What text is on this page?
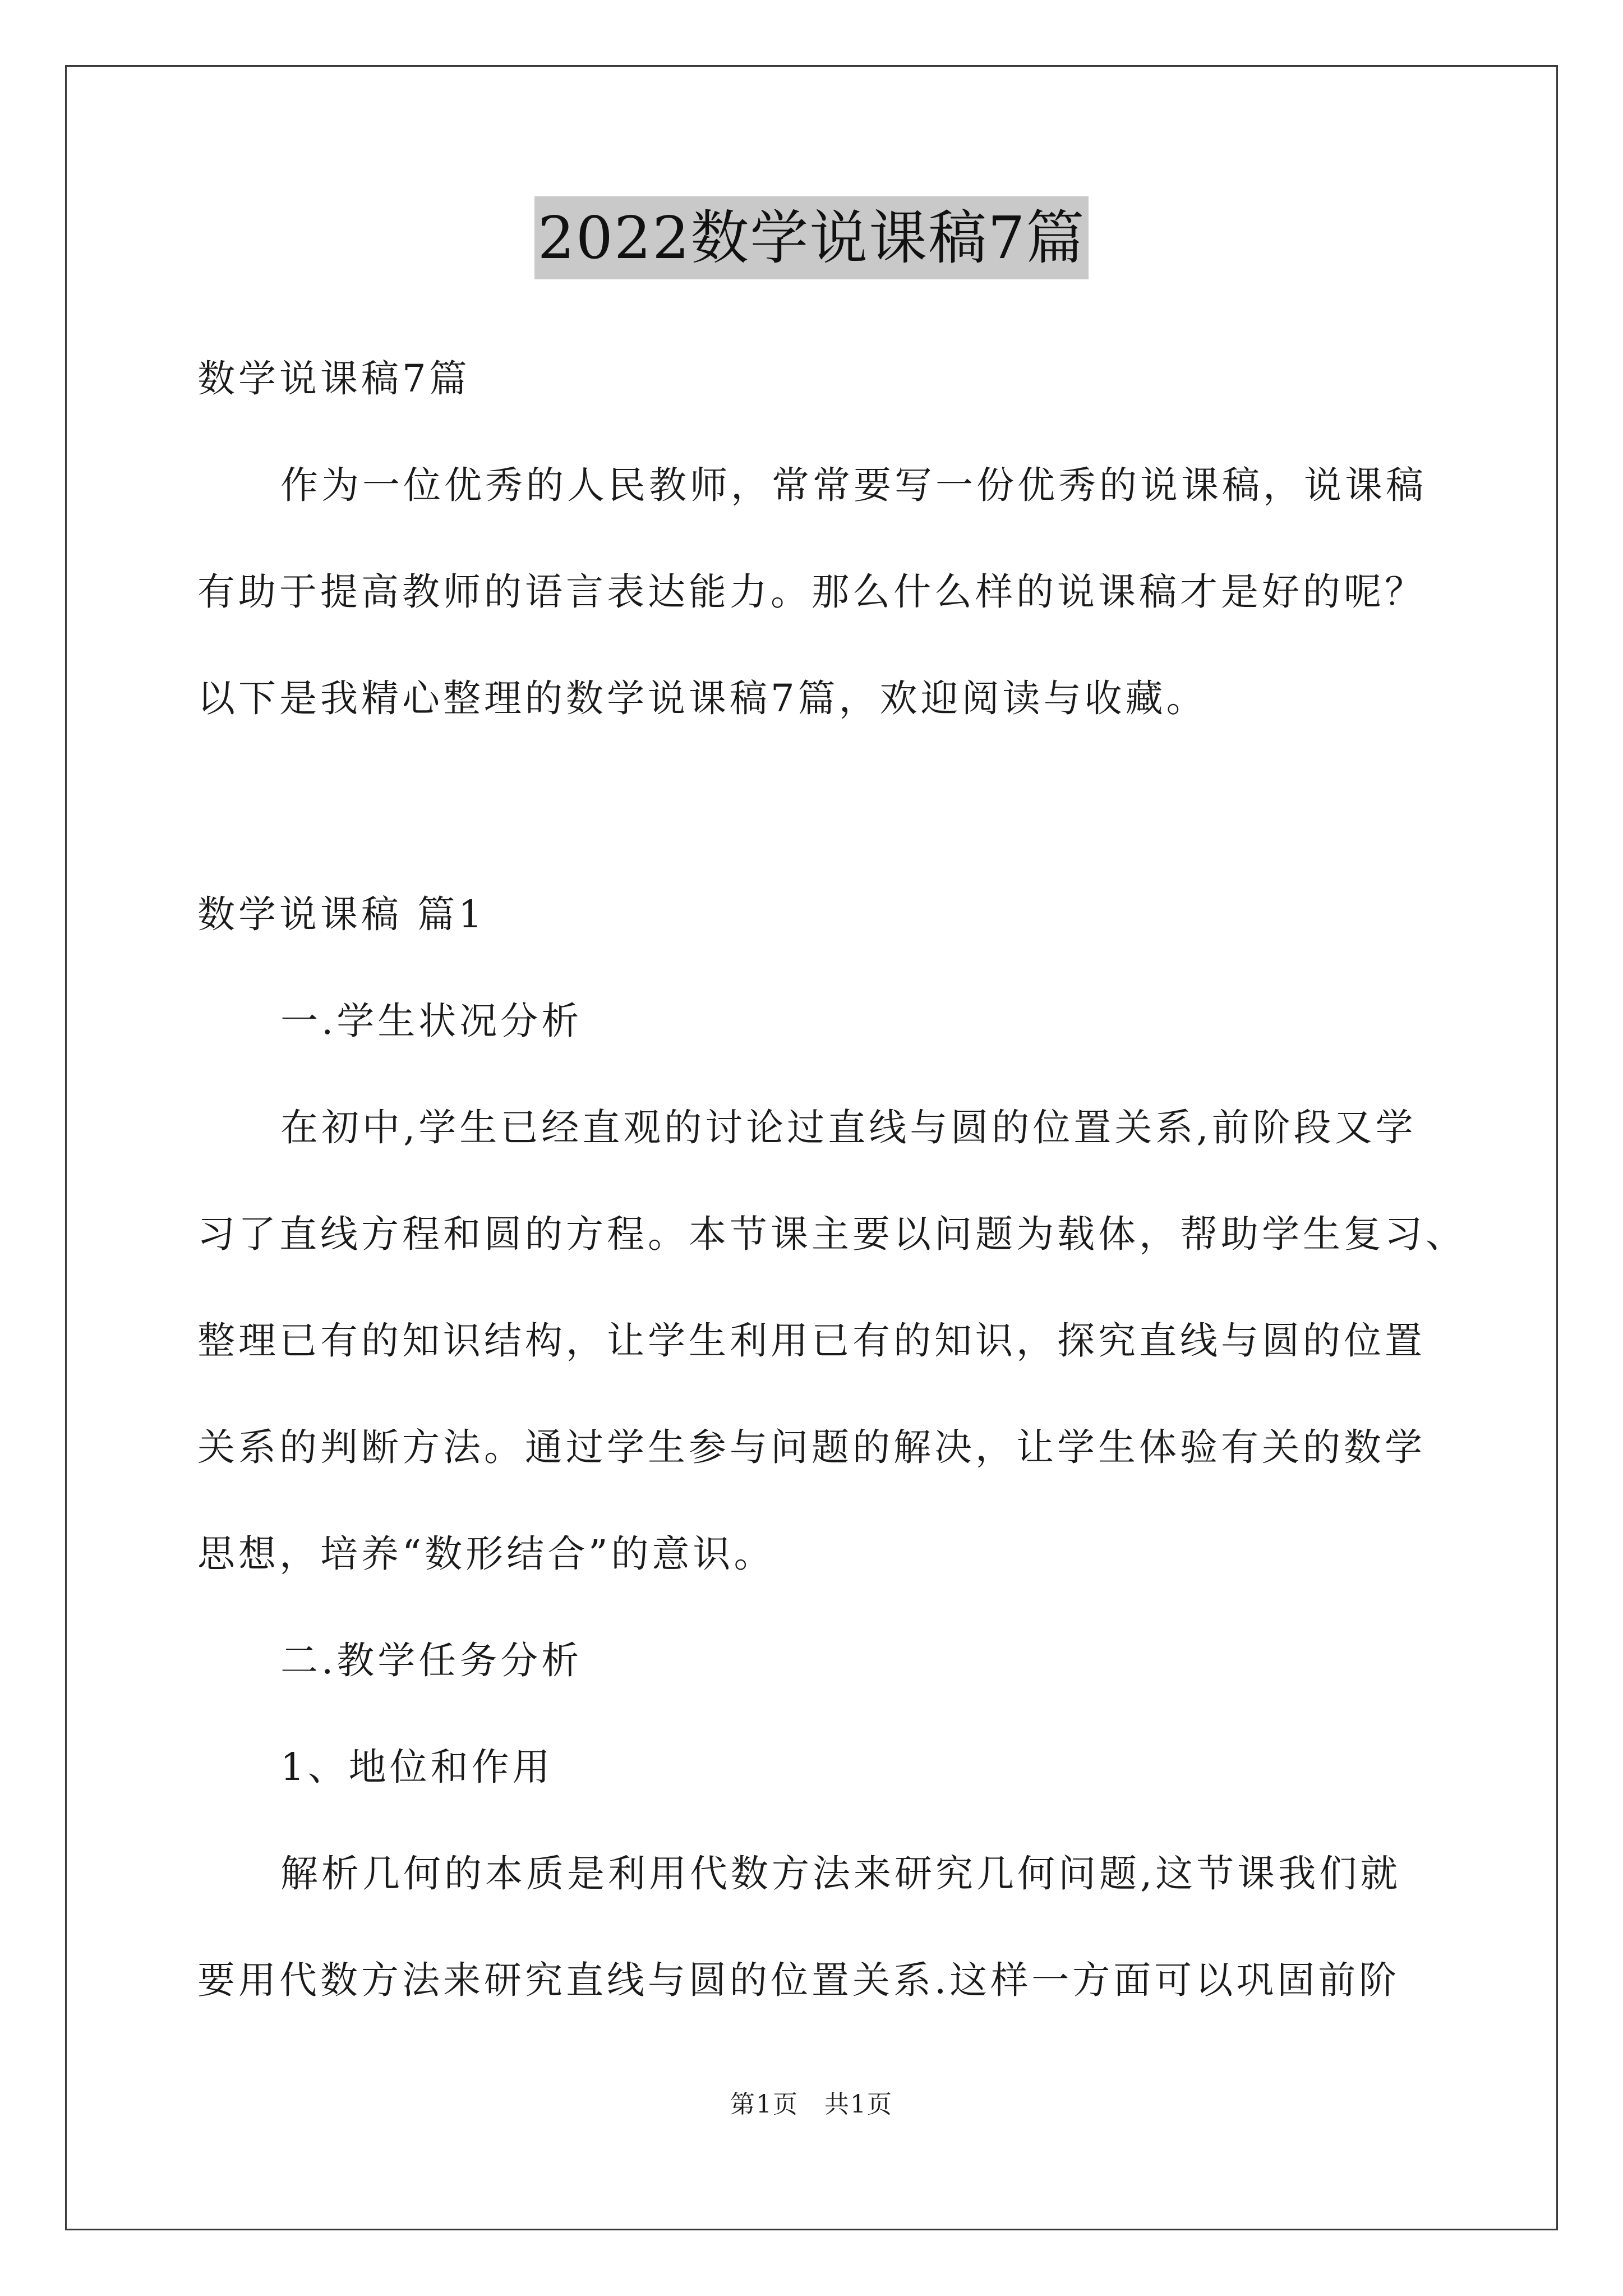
2022数学说课稿7篇
数学说课稿7篇
作为一位优秀的人民教师，常常要写一份优秀的说课稿，说课稿
有助于提高教师的语言表达能力。那么什么样的说课稿才是好的呢？
以下是我精心整理的数学说课稿7篇，欢迎阅读与收藏。
数学说课稿 篇1
一.学生状况分析
在初中,学生已经直观的讨论过直线与圆的位置关系,前阶段又学
习了直线方程和圆的方程。本节课主要以问题为载体，帮助学生复习、
整理已有的知识结构，让学生利用已有的知识，探究直线与圆的位置
关系的判断方法。通过学生参与问题的解决，让学生体验有关的数学
思想，培养“数形结合”的意识。
二.教学任务分析
1、地位和作用
解析几何的本质是利用代数方法来研究几何问题,这节课我们就
要用代数方法来研究直线与圆的位置关系.这样一方面可以巩固前阶
第1页　共1页
